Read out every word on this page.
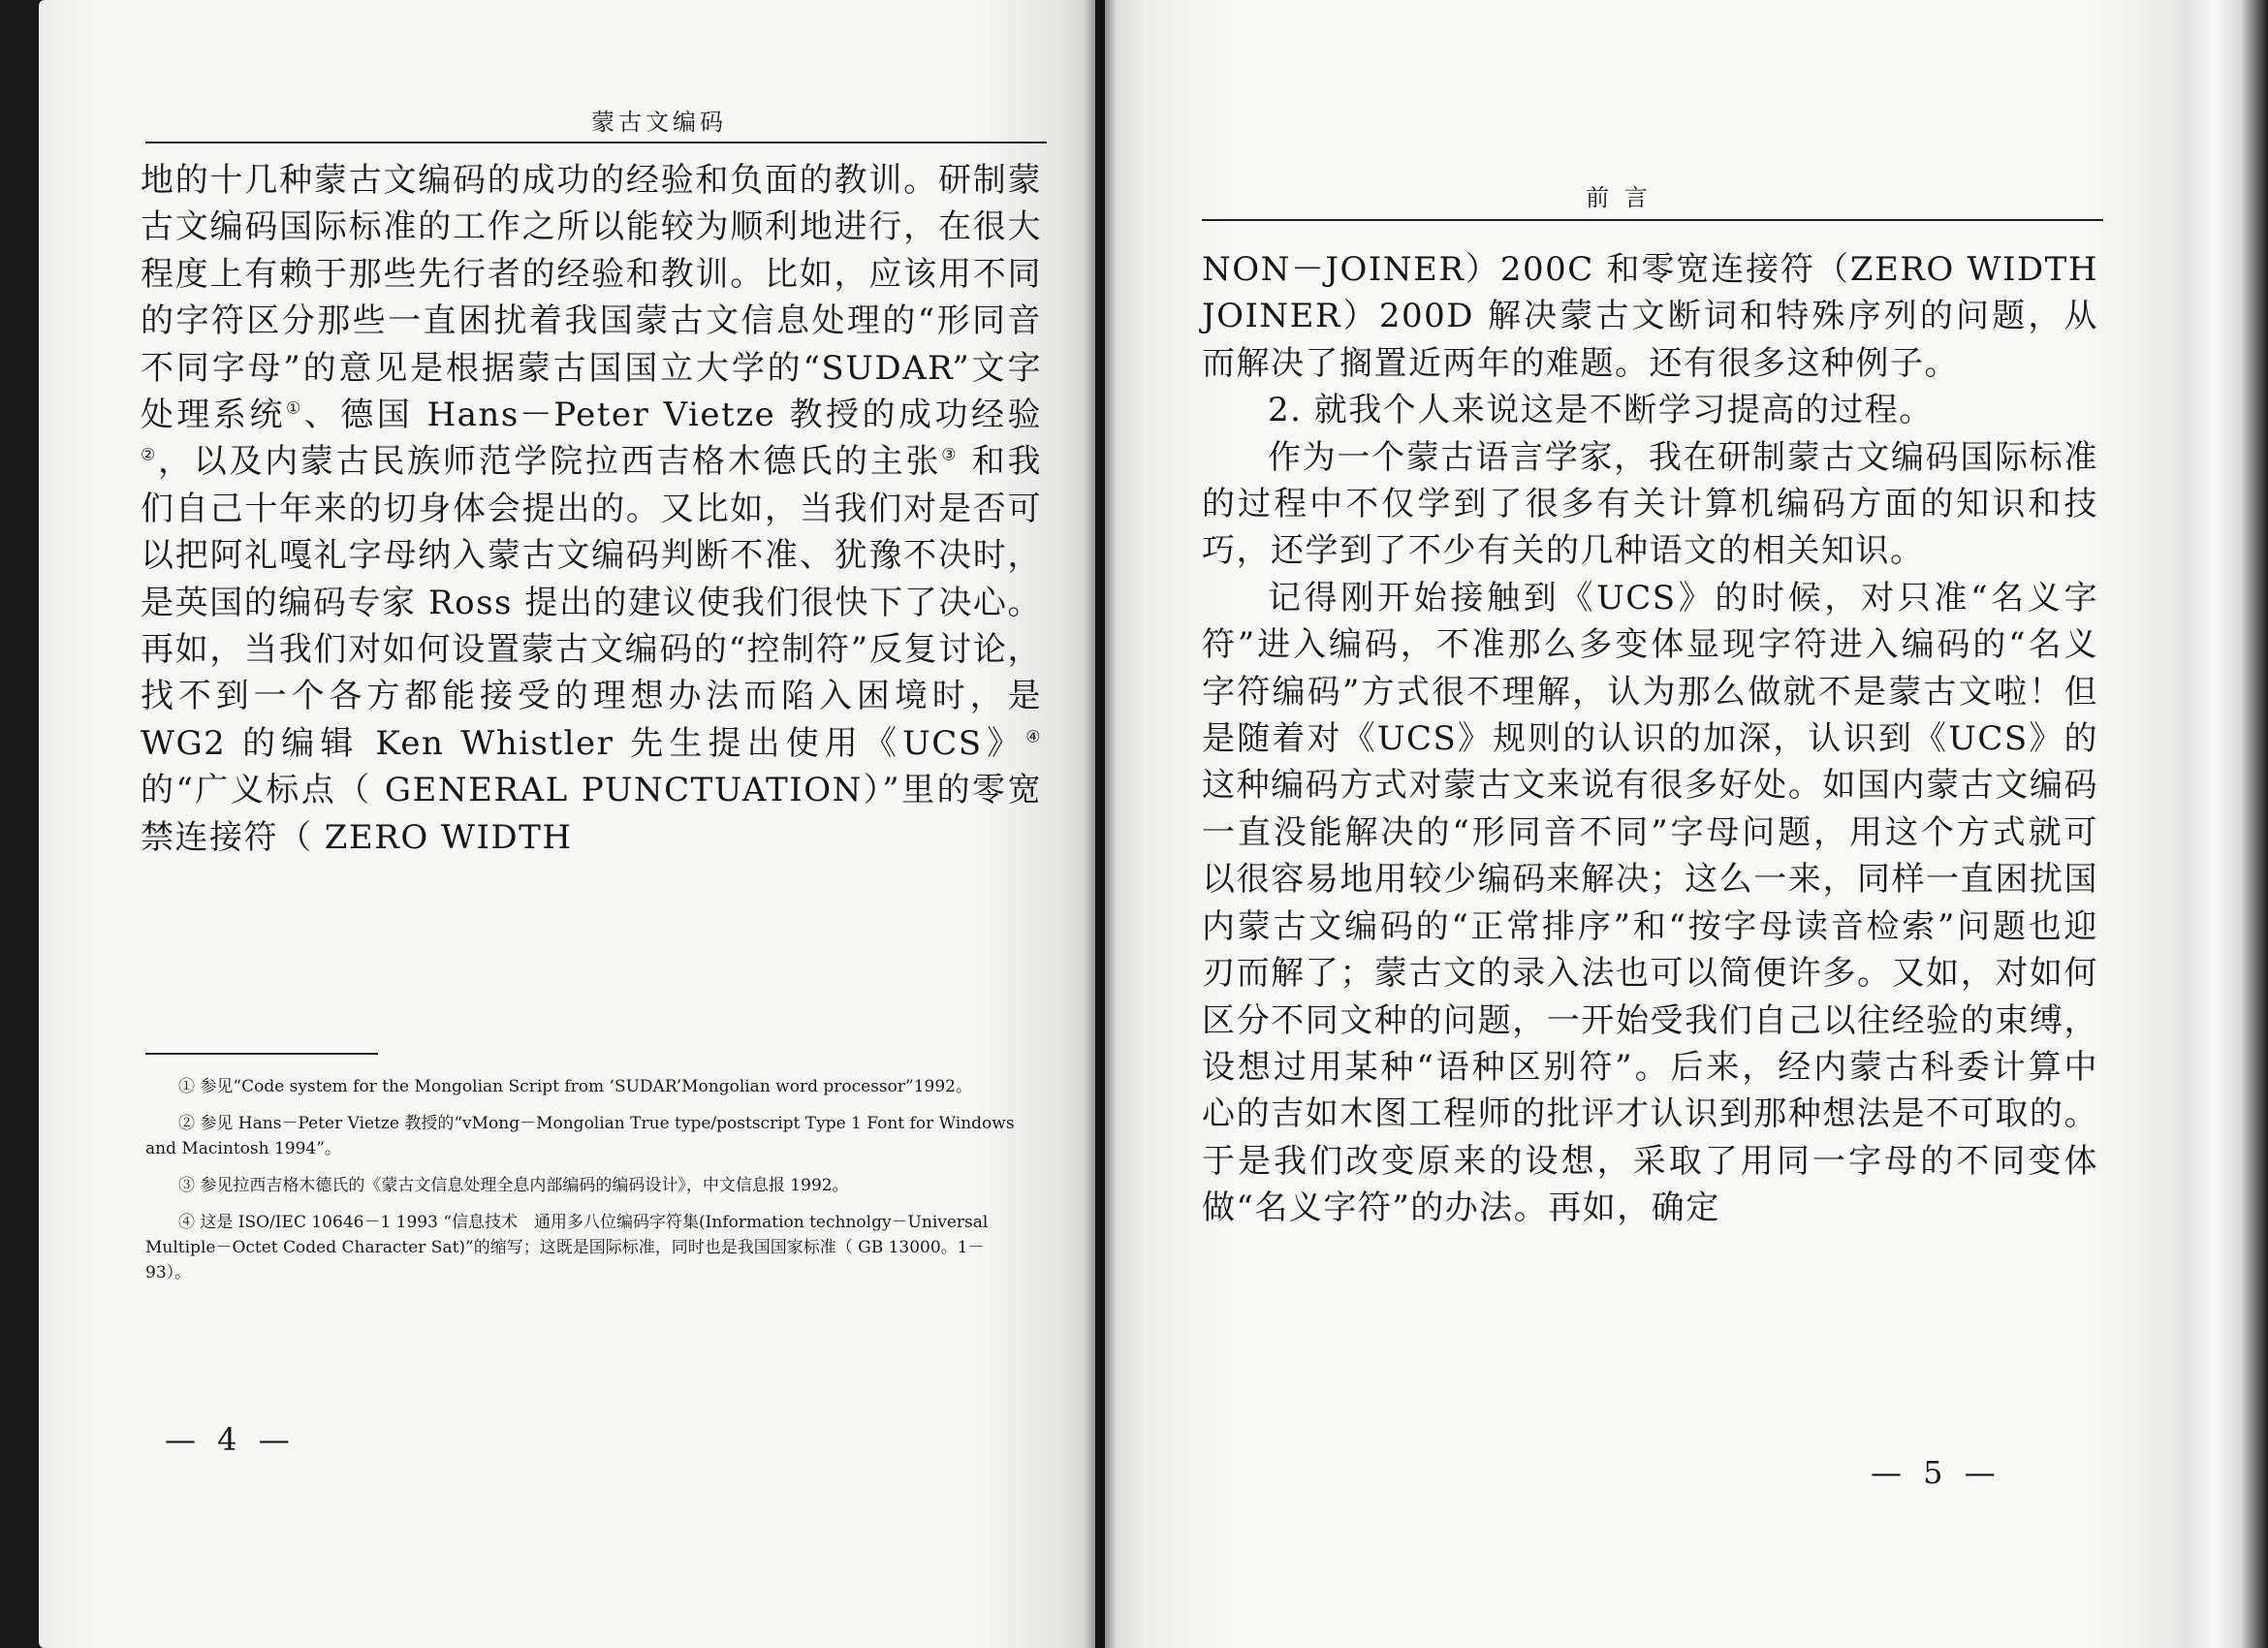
蒙古文编码

地的十几种蒙古文编码的成功的经验和负面的教训。研制蒙古文编码国际标准的工作之所以能较为顺利地进行，在很大程度上有赖于那些先行者的经验和教训。比如，应该用不同的字符区分那些一直困扰着我国蒙古文信息处理的“形同音不同字母”的意见是根据蒙古国国立大学的“SUDAR”文字处理系统①、德国 Hans－Peter Vietze 教授的成功经验②，以及内蒙古民族师范学院拉西吉格木德氏的主张③ 和我们自己十年来的切身体会提出的。又比如，当我们对是否可以把阿礼嘎礼字母纳入蒙古文编码判断不准、犹豫不决时，是英国的编码专家 Ross 提出的建议使我们很快下了决心。再如，当我们对如何设置蒙古文编码的“控制符”反复讨论，找不到一个各方都能接受的理想办法而陷入困境时，是 WG2 的编辑 Ken Whistler 先生提出使用《UCS》④ 的“广义标点（ GENERAL PUNCTUATION）”里的零宽禁连接符（ ZERO WIDTH

① 参见“Code system for the Mongolian Script from ‘SUDAR’Mongolian word processor”1992。

② 参见 Hans－Peter Vietze 教授的“vMong－Mongolian True type/postscript Type 1 Font for Windows and Macintosh 1994”。

③ 参见拉西吉格木德氏的《蒙古文信息处理全息内部编码的编码设计》，中文信息报 1992。

④ 这是 ISO/IEC 10646－1 1993 “信息技术　通用多八位编码字符集(Information technolgy－Universal Multiple－Octet Coded Character Sat)”的缩写；这既是国际标准，同时也是我国国家标准（ GB 13000。1－93）。

— 4 —
前 言

NON－JOINER）200C 和零宽连接符（ZERO WIDTH JOINER）200D 解决蒙古文断词和特殊序列的问题，从而解决了搁置近两年的难题。还有很多这种例子。

2. 就我个人来说这是不断学习提高的过程。

作为一个蒙古语言学家，我在研制蒙古文编码国际标准的过程中不仅学到了很多有关计算机编码方面的知识和技巧，还学到了不少有关的几种语文的相关知识。

记得刚开始接触到《UCS》的时候，对只准“名义字符”进入编码，不准那么多变体显现字符进入编码的“名义字符编码”方式很不理解，认为那么做就不是蒙古文啦！但是随着对《UCS》规则的认识的加深，认识到《UCS》的这种编码方式对蒙古文来说有很多好处。如国内蒙古文编码一直没能解决的“形同音不同”字母问题，用这个方式就可以很容易地用较少编码来解决；这么一来，同样一直困扰国内蒙古文编码的“正常排序”和“按字母读音检索”问题也迎刃而解了；蒙古文的录入法也可以简便许多。又如，对如何区分不同文种的问题，一开始受我们自己以往经验的束缚，设想过用某种“语种区别符”。后来，经内蒙古科委计算中心的吉如木图工程师的批评才认识到那种想法是不可取的。于是我们改变原来的设想，采取了用同一字母的不同变体做“名义字符”的办法。再如，确定

— 5 —
